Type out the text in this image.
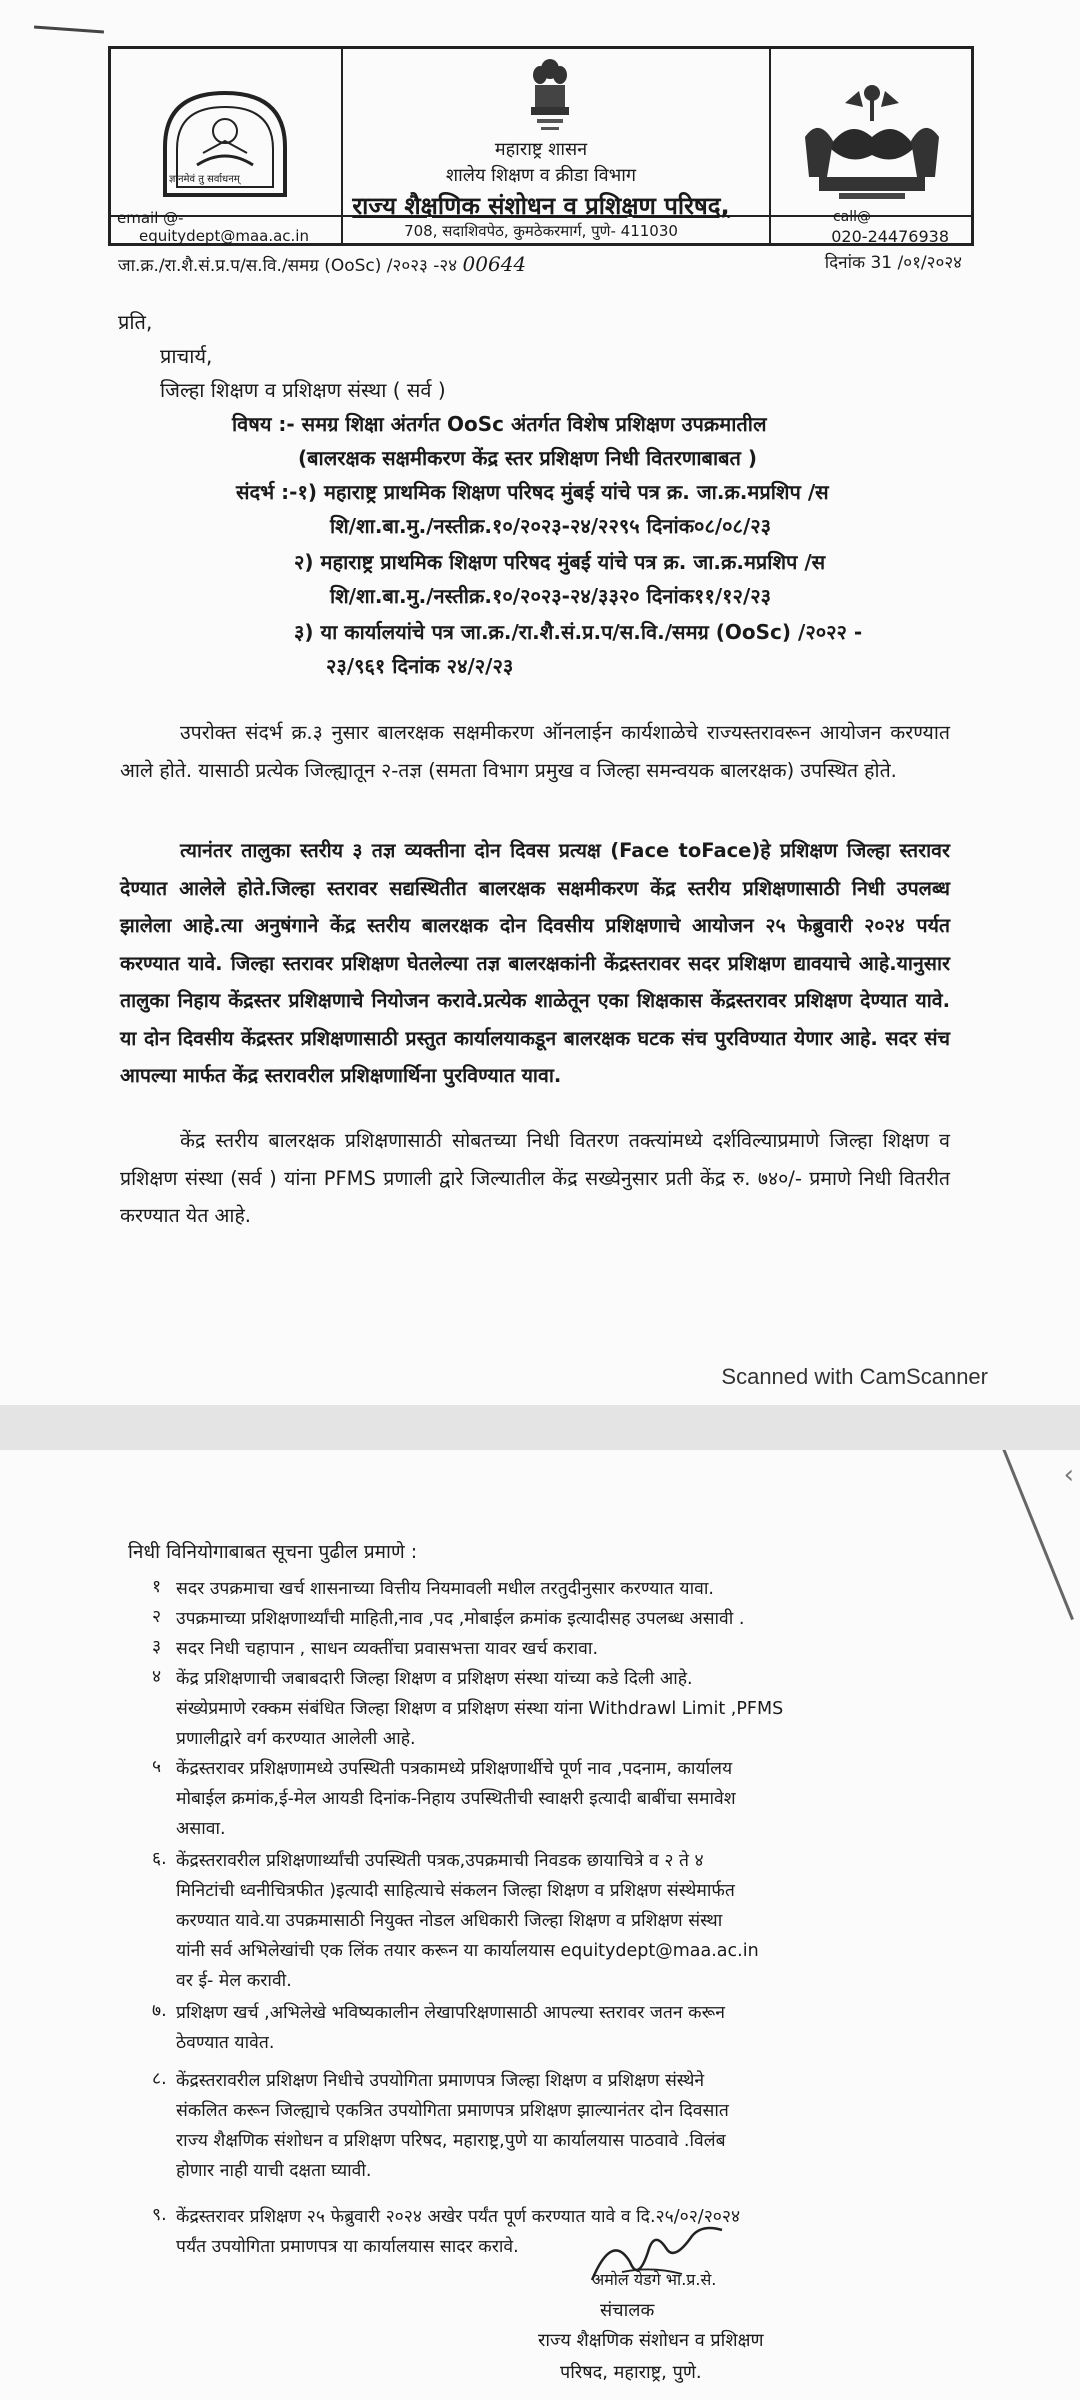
ज्ञानमेवं तु सर्वाधनम्
महाराष्ट्र शासन
शालेय शिक्षण व क्रीडा विभाग
राज्य शैक्षणिक संशोधन व प्रशिक्षण परिषद,
708, सदाशिवपेठ, कुमठेकरमार्ग, पुणे- 411030
email @-
equitydept@maa.ac.in
call@
020-24476938
जा.क्र./रा.शै.सं.प्र.प/स.वि./समग्र (OoSc) /२०२३ -२४ 00644	दिनांक 31 /०१/२०२४
प्रति,
प्राचार्य,
जिल्हा शिक्षण व प्रशिक्षण संस्था ( सर्व )
विषय :- समग्र शिक्षा अंतर्गत OoSc अंतर्गत विशेष प्रशिक्षण उपक्रमातील
(बालरक्षक सक्षमीकरण केंद्र स्तर प्रशिक्षण निधी वितरणाबाबत )
संदर्भ :-१) महाराष्ट्र प्राथमिक शिक्षण परिषद मुंबई यांचे पत्र क्र. जा.क्र.मप्रशिप /स
शि/शा.बा.मु./नस्तीक्र.१०/२०२३-२४/२२९५ दिनांक०८/०८/२३
२) महाराष्ट्र प्राथमिक शिक्षण परिषद मुंबई यांचे पत्र क्र. जा.क्र.मप्रशिप /स
शि/शा.बा.मु./नस्तीक्र.१०/२०२३-२४/३३२० दिनांक११/१२/२३
३) या कार्यालयांचे पत्र जा.क्र./रा.शै.सं.प्र.प/स.वि./समग्र (OoSc) /२०२२ -
२३/९६१ दिनांक २४/२/२३
उपरोक्त संदर्भ क्र.३ नुसार बालरक्षक सक्षमीकरण ऑनलाईन कार्यशाळेचे राज्यस्तरावरून आयोजन करण्यात आले होते. यासाठी प्रत्येक जिल्ह्यातून २-तज्ञ (समता विभाग प्रमुख व जिल्हा समन्वयक बालरक्षक) उपस्थित होते.
त्यानंतर तालुका स्तरीय ३ तज्ञ व्यक्तीना दोन दिवस प्रत्यक्ष (Face toFace)हे प्रशिक्षण जिल्हा स्तरावर देण्यात आलेले होते.जिल्हा स्तरावर सद्यस्थितीत बालरक्षक सक्षमीकरण केंद्र स्तरीय प्रशिक्षणासाठी निधी उपलब्ध झालेला आहे.त्या अनुषंगाने केंद्र स्तरीय बालरक्षक दोन दिवसीय प्रशिक्षणाचे आयोजन २५ फेब्रुवारी २०२४ पर्यत करण्यात यावे. जिल्हा स्तरावर प्रशिक्षण घेतलेल्या तज्ञ बालरक्षकांनी केंद्रस्तरावर सदर प्रशिक्षण द्यावयाचे आहे.यानुसार तालुका निहाय केंद्रस्तर प्रशिक्षणाचे नियोजन करावे.प्रत्येक शाळेतून एका शिक्षकास केंद्रस्तरावर प्रशिक्षण देण्यात यावे. या दोन दिवसीय केंद्रस्तर प्रशिक्षणासाठी प्रस्तुत कार्यालयाकडून बालरक्षक घटक संच पुरविण्यात येणार आहे. सदर संच आपल्या मार्फत केंद्र स्तरावरील प्रशिक्षणार्थिना पुरविण्यात यावा.
केंद्र स्तरीय बालरक्षक प्रशिक्षणासाठी सोबतच्या निधी वितरण तक्त्यांमध्ये दर्शविल्याप्रमाणे जिल्हा शिक्षण व प्रशिक्षण संस्था (सर्व ) यांना PFMS प्रणाली द्वारे जिल्यातील केंद्र सख्येनुसार प्रती केंद्र रु. ७४०/- प्रमाणे निधी वितरीत करण्यात येत आहे.
Scanned with CamScanner
‹
निधी विनियोगाबाबत सूचना पुढील प्रमाणे :
अमोल येडगे भा.प्र.से.
संचालक
राज्य शैक्षणिक संशोधन व प्रशिक्षण
परिषद, महाराष्ट्र, पुणे.
१ सदर उपक्रमाचा खर्च शासनाच्या वित्तीय नियमावली मधील तरतुदीनुसार करण्यात यावा.
२ उपक्रमाच्या प्रशिक्षणार्थ्यांची माहिती,नाव ,पद ,मोबाईल क्रमांक इत्यादीसह उपलब्ध असावी .
३ सदर निधी चहापान , साधन व्यक्तींचा प्रवासभत्ता यावर खर्च करावा.
४ केंद्र प्रशिक्षणाची जबाबदारी जिल्हा शिक्षण व प्रशिक्षण संस्था यांच्या कडे दिली आहे.
संख्येप्रमाणे रक्कम संबंधित जिल्हा शिक्षण व प्रशिक्षण संस्था यांना Withdrawl Limit ,PFMS
प्रणालीद्वारे वर्ग करण्यात आलेली आहे.
५ केंद्रस्तरावर प्रशिक्षणामध्ये उपस्थिती पत्रकामध्ये प्रशिक्षणार्थीचे पूर्ण नाव ,पदनाम, कार्यालय
मोबाईल क्रमांक,ई-मेल आयडी दिनांक-निहाय उपस्थितीची स्वाक्षरी इत्यादी बाबींचा समावेश
असावा.
६. केंद्रस्तरावरील प्रशिक्षणार्थ्यांची उपस्थिती पत्रक,उपक्रमाची निवडक छायाचित्रे व २ ते ४
मिनिटांची ध्वनीचित्रफीत )इत्यादी साहित्याचे संकलन जिल्हा शिक्षण व प्रशिक्षण संस्थेमार्फत
करण्यात यावे.या उपक्रमासाठी नियुक्त नोडल अधिकारी जिल्हा शिक्षण व प्रशिक्षण संस्था
यांनी सर्व अभिलेखांची एक लिंक तयार करून या कार्यालयास equitydept@maa.ac.in
वर ई- मेल करावी.
७. प्रशिक्षण खर्च ,अभिलेखे भविष्यकालीन लेखापरिक्षणासाठी आपल्या स्तरावर जतन करून
ठेवण्यात यावेत.
८. केंद्रस्तरावरील प्रशिक्षण निधीचे उपयोगिता प्रमाणपत्र जिल्हा शिक्षण व प्रशिक्षण संस्थेने
संकलित करून जिल्ह्याचे एकत्रित उपयोगिता प्रमाणपत्र प्रशिक्षण झाल्यानंतर दोन दिवसात
राज्य शैक्षणिक संशोधन व प्रशिक्षण परिषद, महाराष्ट्र,पुणे या कार्यालयास पाठवावे .विलंब
होणार नाही याची दक्षता घ्यावी.
९. केंद्रस्तरावर प्रशिक्षण २५ फेब्रुवारी २०२४ अखेर पर्यंत पूर्ण करण्यात यावे व दि.२५/०२/२०२४
पर्यंत उपयोगिता प्रमाणपत्र या कार्यालयास सादर करावे.
